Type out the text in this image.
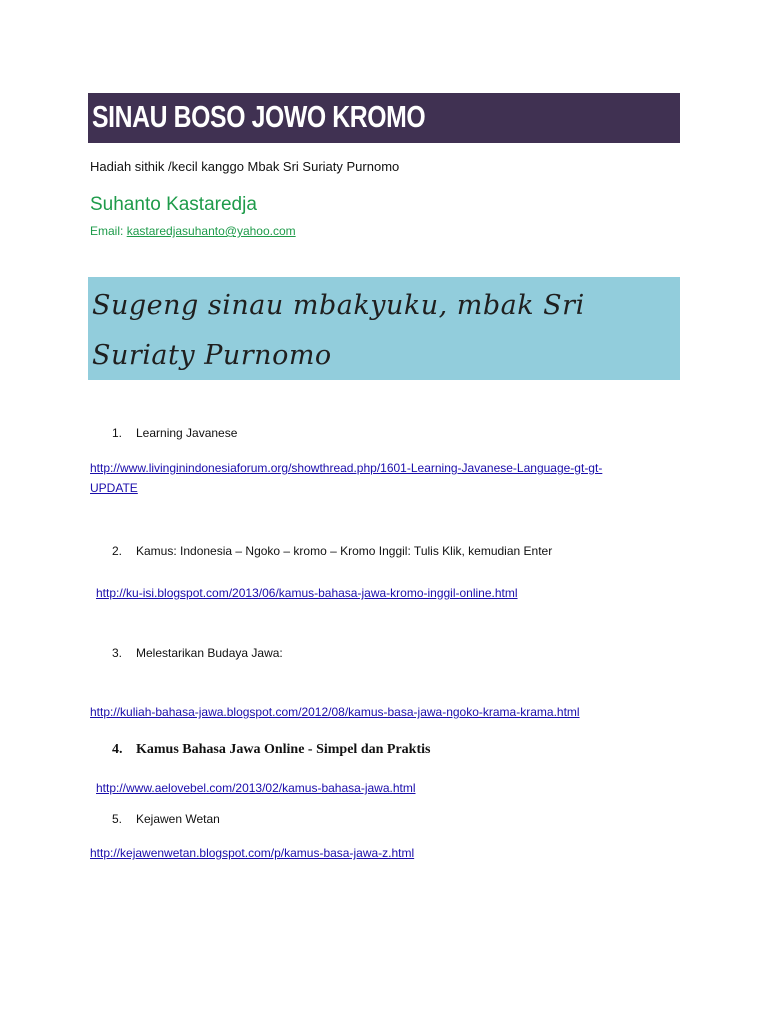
SINAU BOSO JOWO KROMO
Hadiah sithik /kecil kanggo Mbak Sri Suriaty Purnomo
Suhanto Kastaredja
Email: kastaredjasuhanto@yahoo.com
Sugeng sinau mbakyuku, mbak Sri Suriaty Purnomo
1. Learning Javanese
http://www.livinginindonesiaforum.org/showthread.php/1601-Learning-Javanese-Language-gt-gt-UPDATE
2. Kamus: Indonesia – Ngoko – kromo – Kromo Inggil: Tulis Klik, kemudian Enter
http://ku-isi.blogspot.com/2013/06/kamus-bahasa-jawa-kromo-inggil-online.html
3. Melestarikan Budaya Jawa:
http://kuliah-bahasa-jawa.blogspot.com/2012/08/kamus-basa-jawa-ngoko-krama-krama.html
4. Kamus Bahasa Jawa Online - Simpel dan Praktis
http://www.aelovebel.com/2013/02/kamus-bahasa-jawa.html
5. Kejawen Wetan
http://kejawenwetan.blogspot.com/p/kamus-basa-jawa-z.html
